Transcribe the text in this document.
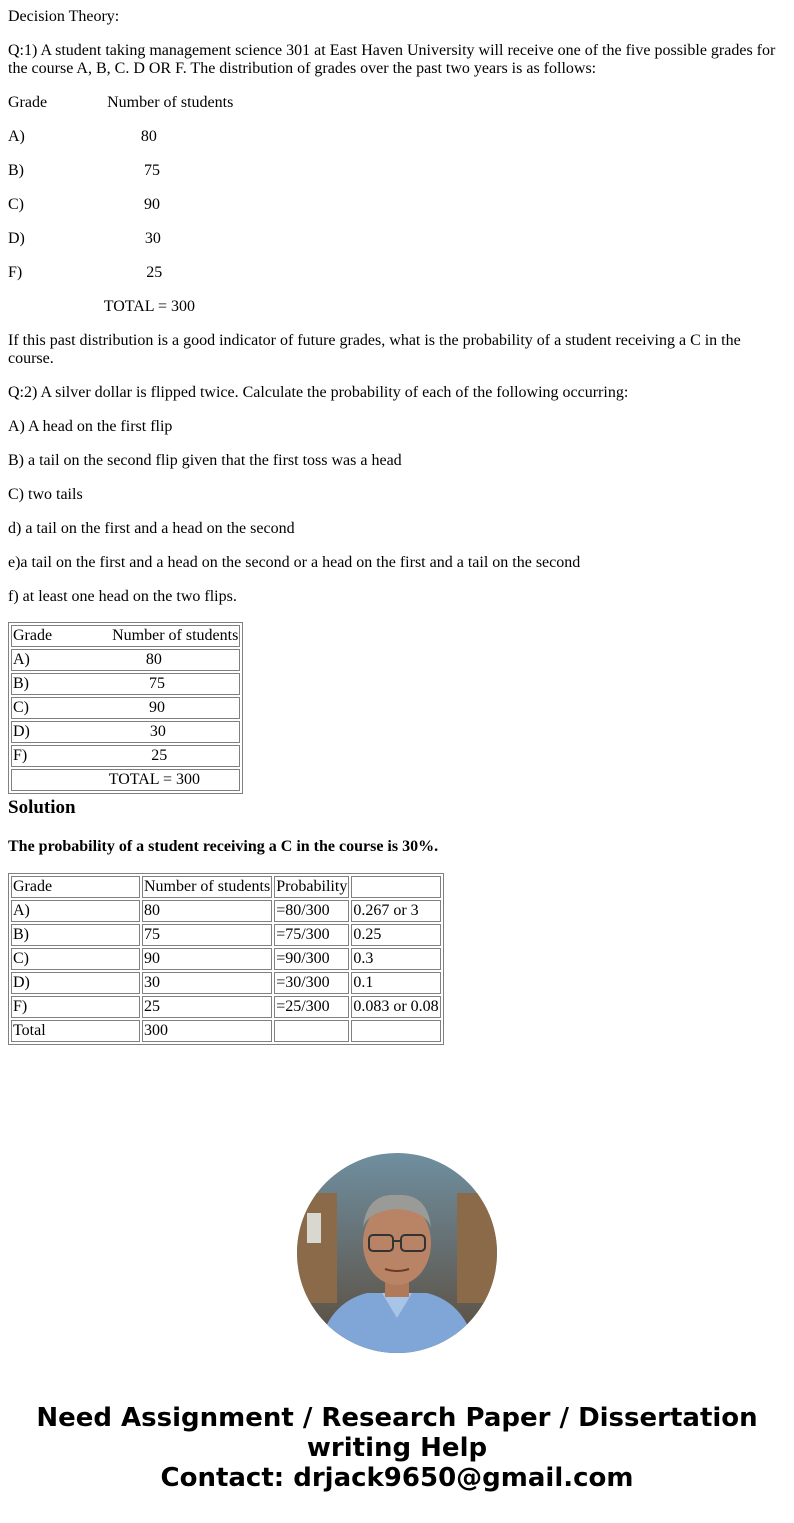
Decision Theory:

Q:1) A student taking management science 301 at East Haven University will receive one of the five possible grades for the course A, B, C. D OR F. The distribution of grades over the past two years is as follows:

Grade               Number of students

A)                             80

B)                              75

C)                              90

D)                              30

F)                               25

TOTAL = 300

If this past distribution is a good indicator of future grades, what is the probability of a student receiving a C in the course.

Q:2) A silver dollar is flipped twice. Calculate the probability of each of the following occurring:

A) A head on the first flip

B) a tail on the second flip given that the first toss was a head

C) two tails

d) a tail on the first and a head on the second

e)a tail on the first and a head on the second or a head on the first and a tail on the second

f) at least one head on the two flips.

Grade               Number of students
A)                             80
B)                              75
C)                              90
D)                              30
F)                               25
TOTAL = 300
Solution

The probability of a student receiving a C in the course is 30%.

Grade	Number of students	Probability	
A)	80	=80/300	0.267 or 3
B)	75	=75/300	0.25
C)	90	=90/300	0.3
D)	30	=30/300	0.1
F)	25	=25/300	0.083 or 0.08
Total	300		
Need Assignment / Research Paper / Dissertation
writing Help
Contact: drjack9650@gmail.com
